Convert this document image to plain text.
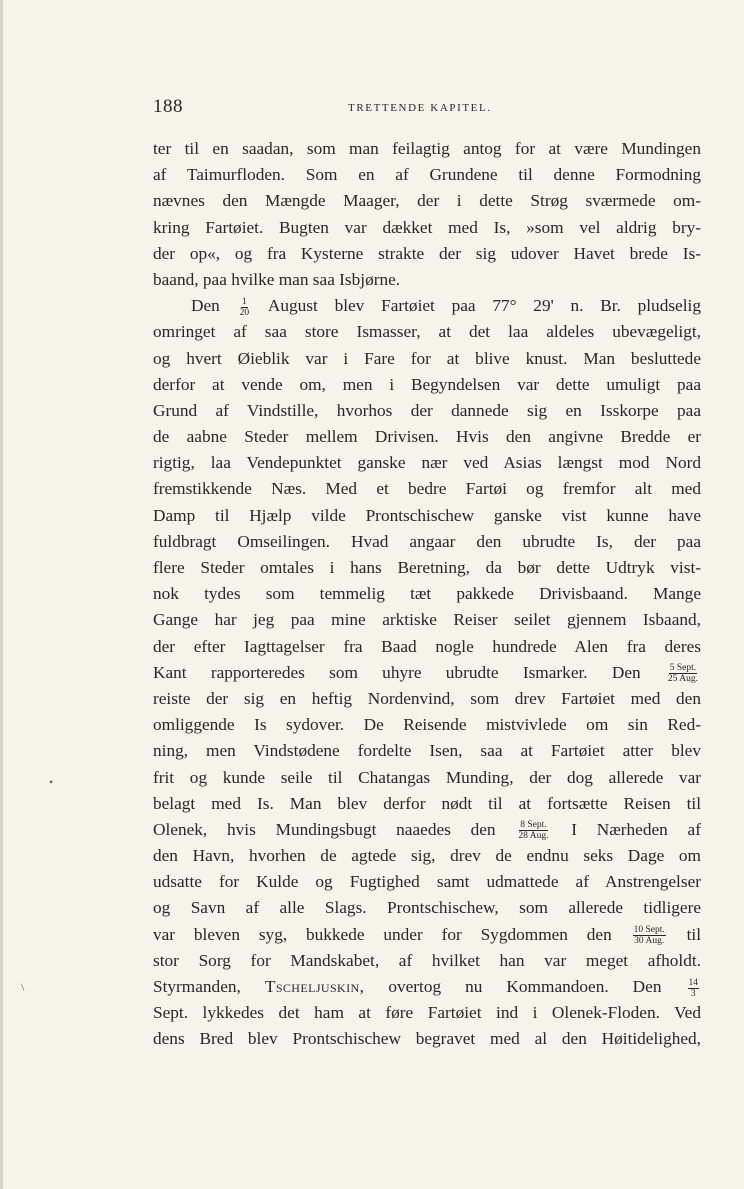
188	TRETTENDE KAPITEL.
•
\
ter til en saadan, som man feilagtig antog for at være Mundingen
af Taimurfloden. Som en af Grundene til denne Formodning
nævnes den Mængde Maager, der i dette Strøg sværmede om-
kring Fartøiet. Bugten var dækket med Is, »som vel aldrig bry-
der op«, og fra Kysterne strakte der sig udover Havet brede Is-
baand, paa hvilke man saa Isbjørne.
Den $\frac{1}{20}$ August blev Fartøiet paa 77° 29' n. Br. pludselig
omringet af saa store Ismasser, at det laa aldeles ubevægeligt,
og hvert Øieblik var i Fare for at blive knust. Man besluttede
derfor at vende om, men i Begyndelsen var dette umuligt paa
Grund af Vindstille, hvorhos der dannede sig en Isskorpe paa
de aabne Steder mellem Drivisen. Hvis den angivne Bredde er
rigtig, laa Vendepunktet ganske nær ved Asias længst mod Nord
fremstikkende Næs. Med et bedre Fartøi og fremfor alt med
Damp til Hjælp vilde Prontschischew ganske vist kunne have
fuldbragt Omseilingen. Hvad angaar den ubrudte Is, der paa
flere Steder omtales i hans Beretning, da bør dette Udtryk vist-
nok tydes som temmelig tæt pakkede Drivisbaand. Mange
Gange har jeg paa mine arktiske Reiser seilet gjennem Isbaand,
der efter Iagttagelser fra Baad nogle hundrede Alen fra deres
Kant rapporteredes som uhyre ubrudte Ismarker. Den	$\frac{\text{5 Sept.}}{\text{25 Aug.}}$
reiste der sig en heftig Nordenvind, som drev Fartøiet med den
omliggende Is sydover. De Reisende mistvivlede om sin Red-
ning, men Vindstødene fordelte Isen, saa at Fartøiet atter blev
frit og kunde seile til Chatangas Munding, der dog allerede var
belagt med Is. Man blev derfor nødt til at fortsætte Reisen til
Olenek, hvis Mundingsbugt naaedes den $\frac{\text{8 Sept.}}{\text{28 Aug.}}$ I Nærheden af
den Havn, hvorhen de agtede sig, drev de endnu seks Dage om
udsatte for Kulde og Fugtighed samt udmattede af Anstrengelser
og Savn af alle Slags. Prontschischew, som allerede tidligere
var bleven syg, bukkede under for Sygdommen den $\frac{\text{10 Sept.}}{\text{30 Aug.}}$ til
stor Sorg for Mandskabet, af hvilket han var meget afholdt.
Styrmanden, Tscheljuskin, overtog nu Kommandoen. Den	$\frac{14}{3}$
Sept. lykkedes det ham at føre Fartøiet ind i Olenek-Floden. Ved
dens Bred blev Prontschischew begravet med al den Høitidelighed,
